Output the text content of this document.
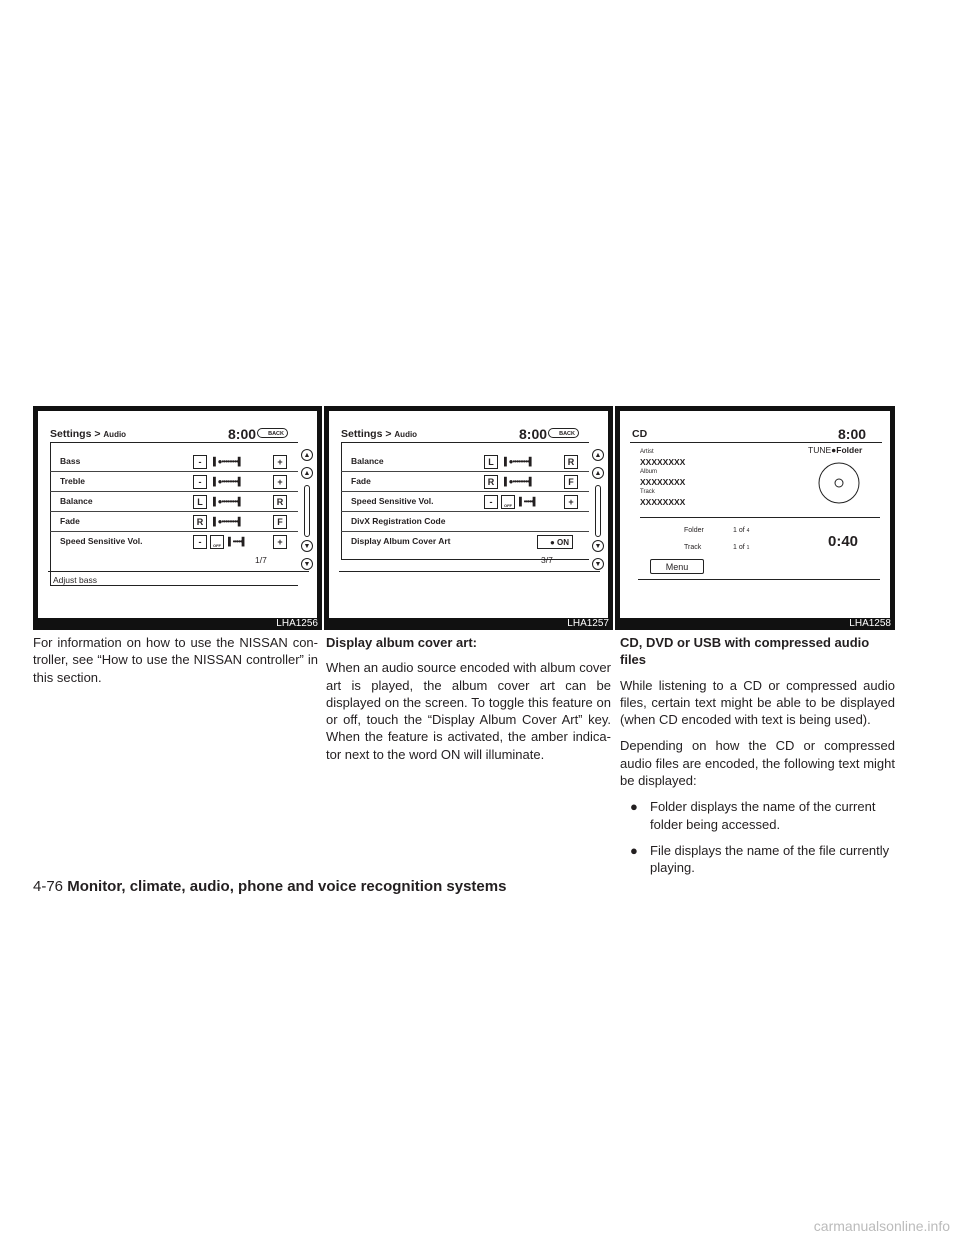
Settings > Audio	8:00	BACK
Bass	-	▌●•••••••••▌	+
Treble	-	▌●•••••••••▌	+
Balance	L	▌●•••••••••▌	R
Fade	R	▌●•••••••••▌	F
Speed Sensitive Vol.	-	OFF ▌•••••▌	+
▲
▲
▼
▼
1/7
Adjust bass
LHA1256
Settings > Audio	8:00	BACK
Balance	L	▌●•••••••••▌	R
Fade	R	▌●•••••••••▌	F
Speed Sensitive Vol.	-	OFF ▌•••••▌	+
DivX Registration Code
Display Album Cover Art	● ON
▲
▲
▼
▼
3/7
LHA1257
CD	8:00
TUNE●Folder
Artist
XXXXXXXX
Album
XXXXXXXX
Track
XXXXXXXX
Folder	1 of 4
Track	1 of 1	0:40
Menu
LHA1258

For information on how to use the NISSAN con-troller, see “How to use the NISSAN controller” in this section.

Display album cover art:

When an audio source encoded with album cover art is played, the album cover art can be displayed on the screen. To toggle this feature on or off, touch the “Display Album Cover Art” key. When the feature is activated, the amber indica-tor next to the word ON will illuminate.

CD, DVD or USB with compressed audio files

While listening to a CD or compressed audio files, certain text might be able to be displayed (when CD encoded with text is being used).

Depending on how the CD or compressed audio files are encoded, the following text might be displayed:

● Folder displays the name of the current folder being accessed.
● File displays the name of the file currently playing.
4-76 Monitor, climate, audio, phone and voice recognition systems
carmanualsonline.info
